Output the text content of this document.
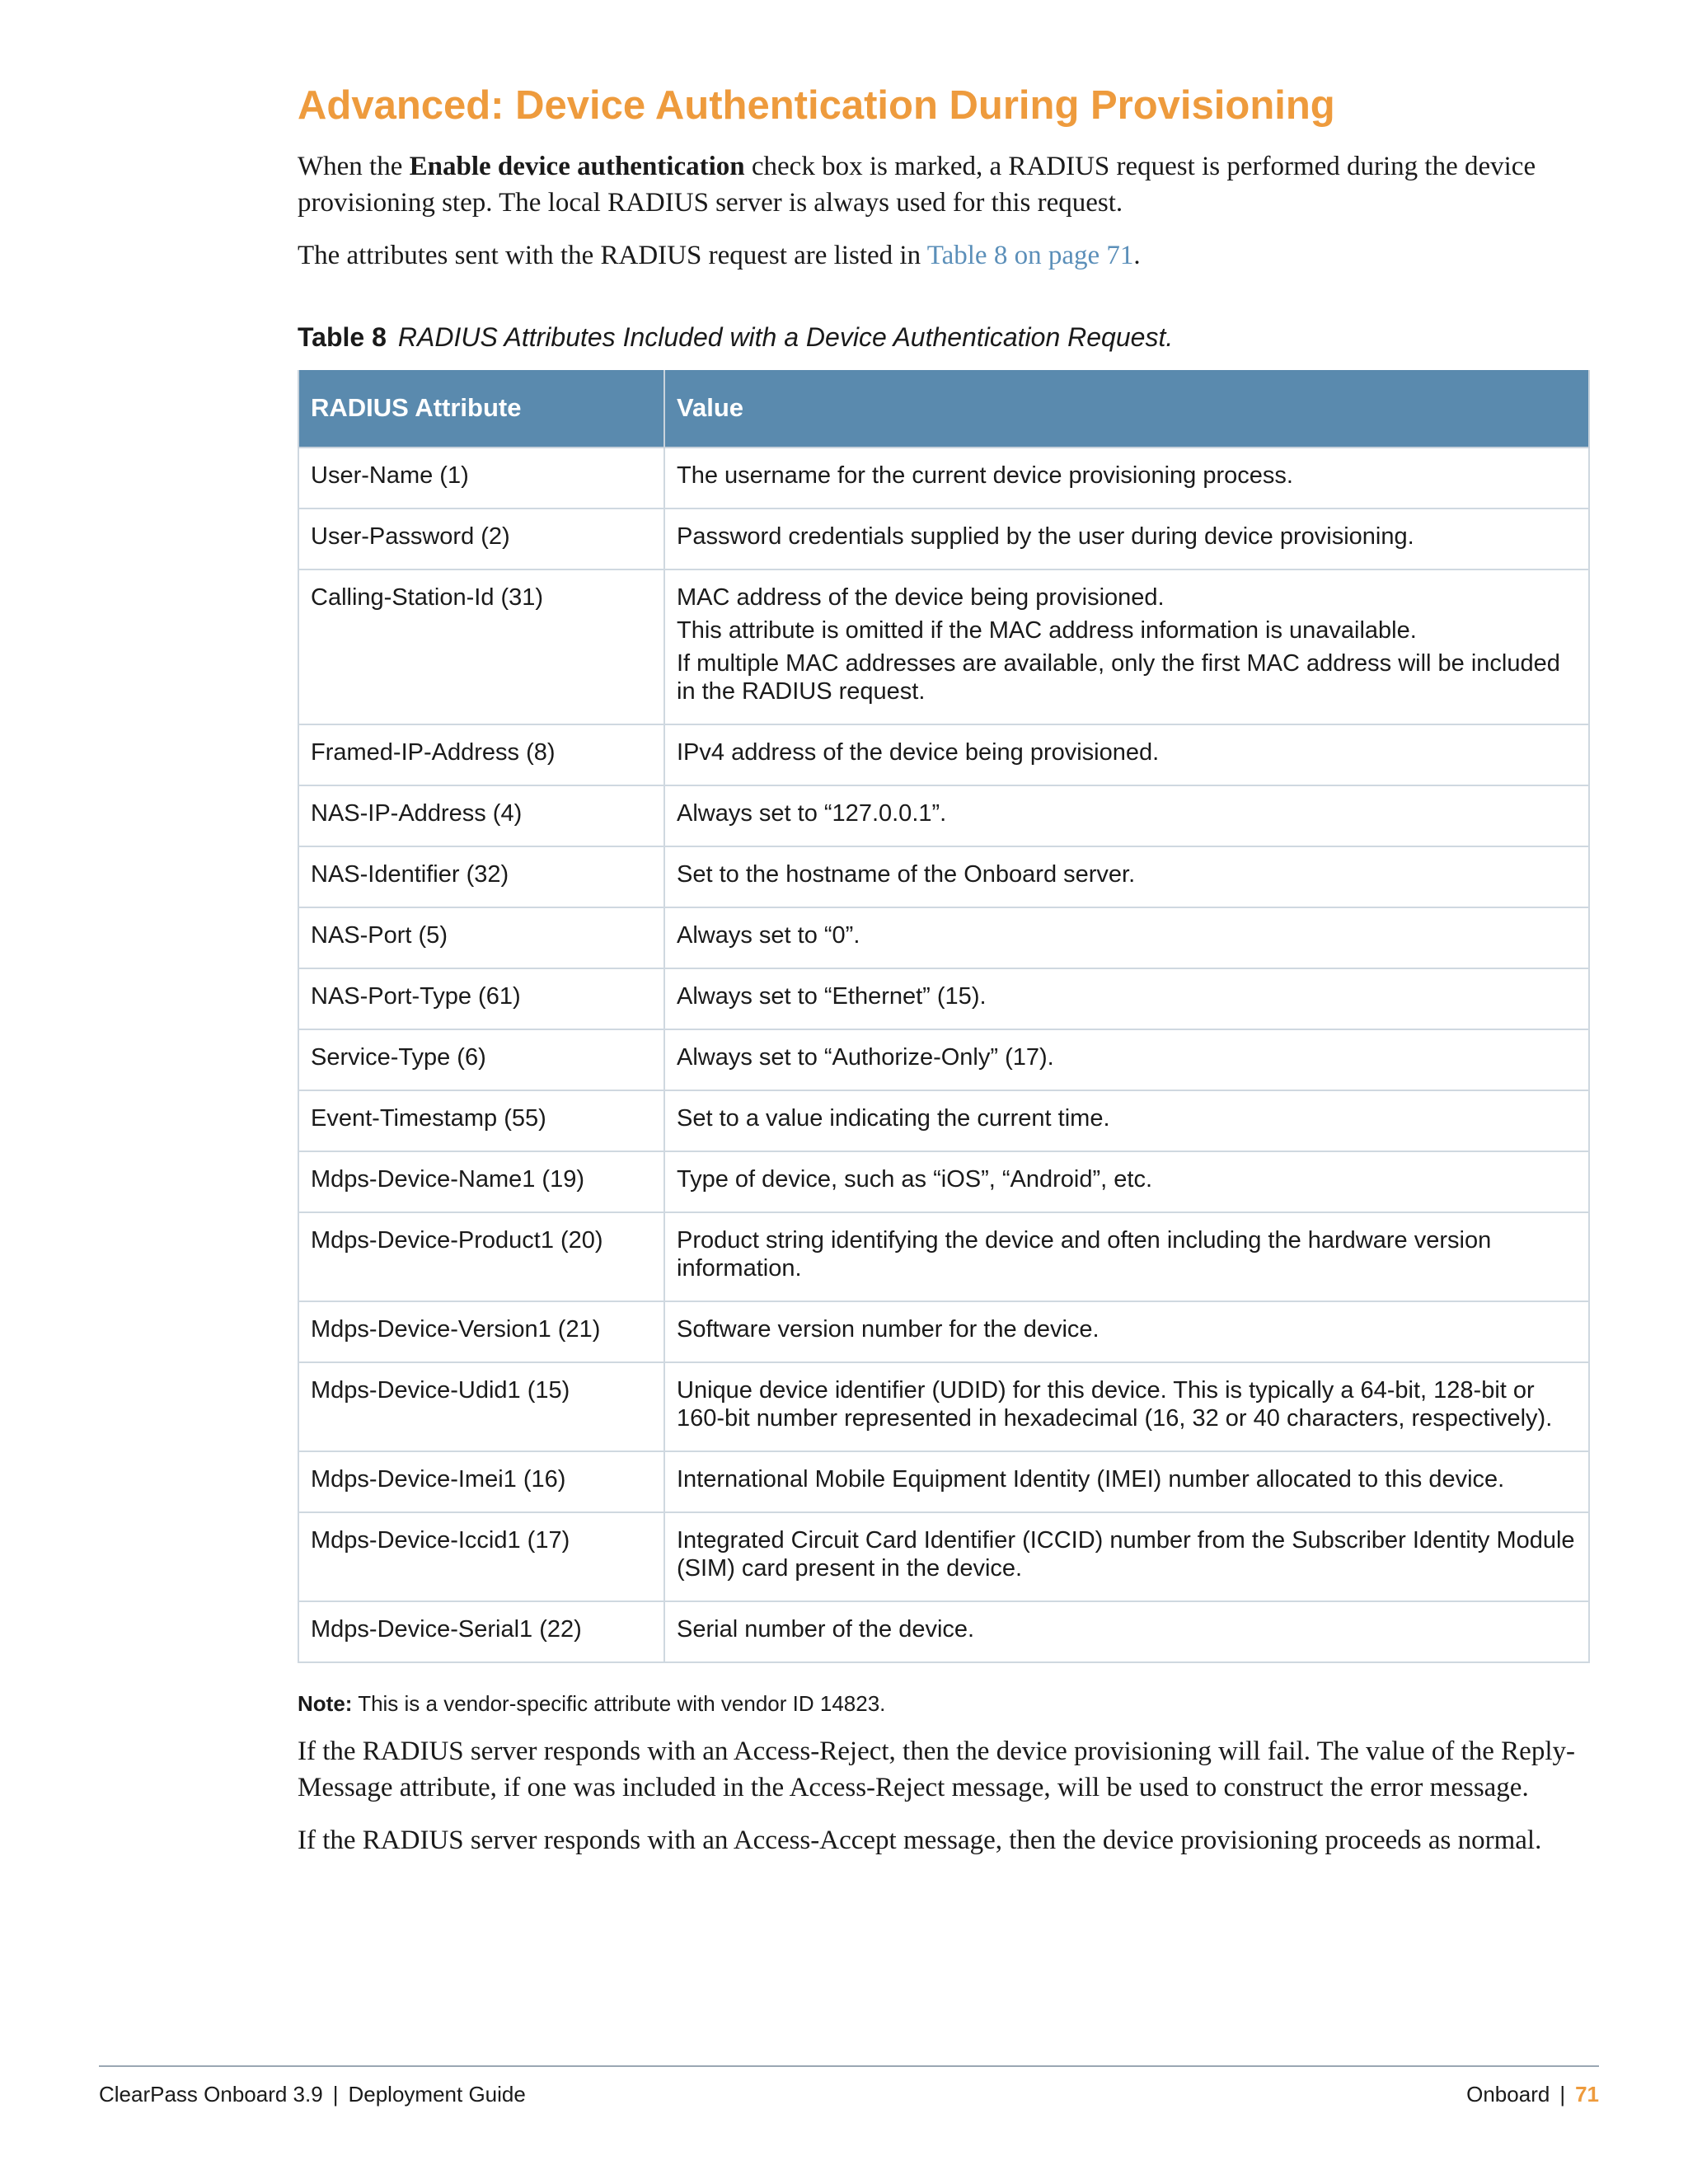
Advanced: Device Authentication During Provisioning

When the Enable device authentication check box is marked, a RADIUS request is performed during the device provisioning step. The local RADIUS server is always used for this request.

The attributes sent with the RADIUS request are listed in Table 8 on page 71.

Table 8 RADIUS Attributes Included with a Device Authentication Request.
RADIUS Attribute	Value
User-Name (1)	The username for the current device provisioning process.

User-Password (2)	Password credentials supplied by the user during device provisioning.

Calling-Station-Id (31)	MAC address of the device being provisioned.

This attribute is omitted if the MAC address information is unavailable.

If multiple MAC addresses are available, only the first MAC address will be included in the RADIUS request.

Framed-IP-Address (8)	IPv4 address of the device being provisioned.

NAS-IP-Address (4)	Always set to “127.0.0.1”.

NAS-Identifier (32)	Set to the hostname of the Onboard server.

NAS-Port (5)	Always set to “0”.

NAS-Port-Type (61)	Always set to “Ethernet” (15).

Service-Type (6)	Always set to “Authorize-Only” (17).

Event-Timestamp (55)	Set to a value indicating the current time.

Mdps-Device-Name1 (19)	Type of device, such as “iOS”, “Android”, etc.

Mdps-Device-Product1 (20)	Product string identifying the device and often including the hardware version information.

Mdps-Device-Version1 (21)	Software version number for the device.

Mdps-Device-Udid1 (15)	Unique device identifier (UDID) for this device. This is typically a 64-bit, 128-bit or 160-bit number represented in hexadecimal (16, 32 or 40 characters, respectively).

Mdps-Device-Imei1 (16)	International Mobile Equipment Identity (IMEI) number allocated to this device.

Mdps-Device-Iccid1 (17)	Integrated Circuit Card Identifier (ICCID) number from the Subscriber Identity Module (SIM) card present in the device.

Mdps-Device-Serial1 (22)	Serial number of the device.

Note: This is a vendor-specific attribute with vendor ID 14823.

If the RADIUS server responds with an Access-Reject, then the device provisioning will fail. The value of the Reply-Message attribute, if one was included in the Access-Reject message, will be used to construct the error message.

If the RADIUS server responds with an Access-Accept message, then the device provisioning proceeds as normal.

ClearPass Onboard 3.9 | Deployment Guide	Onboard | 71
